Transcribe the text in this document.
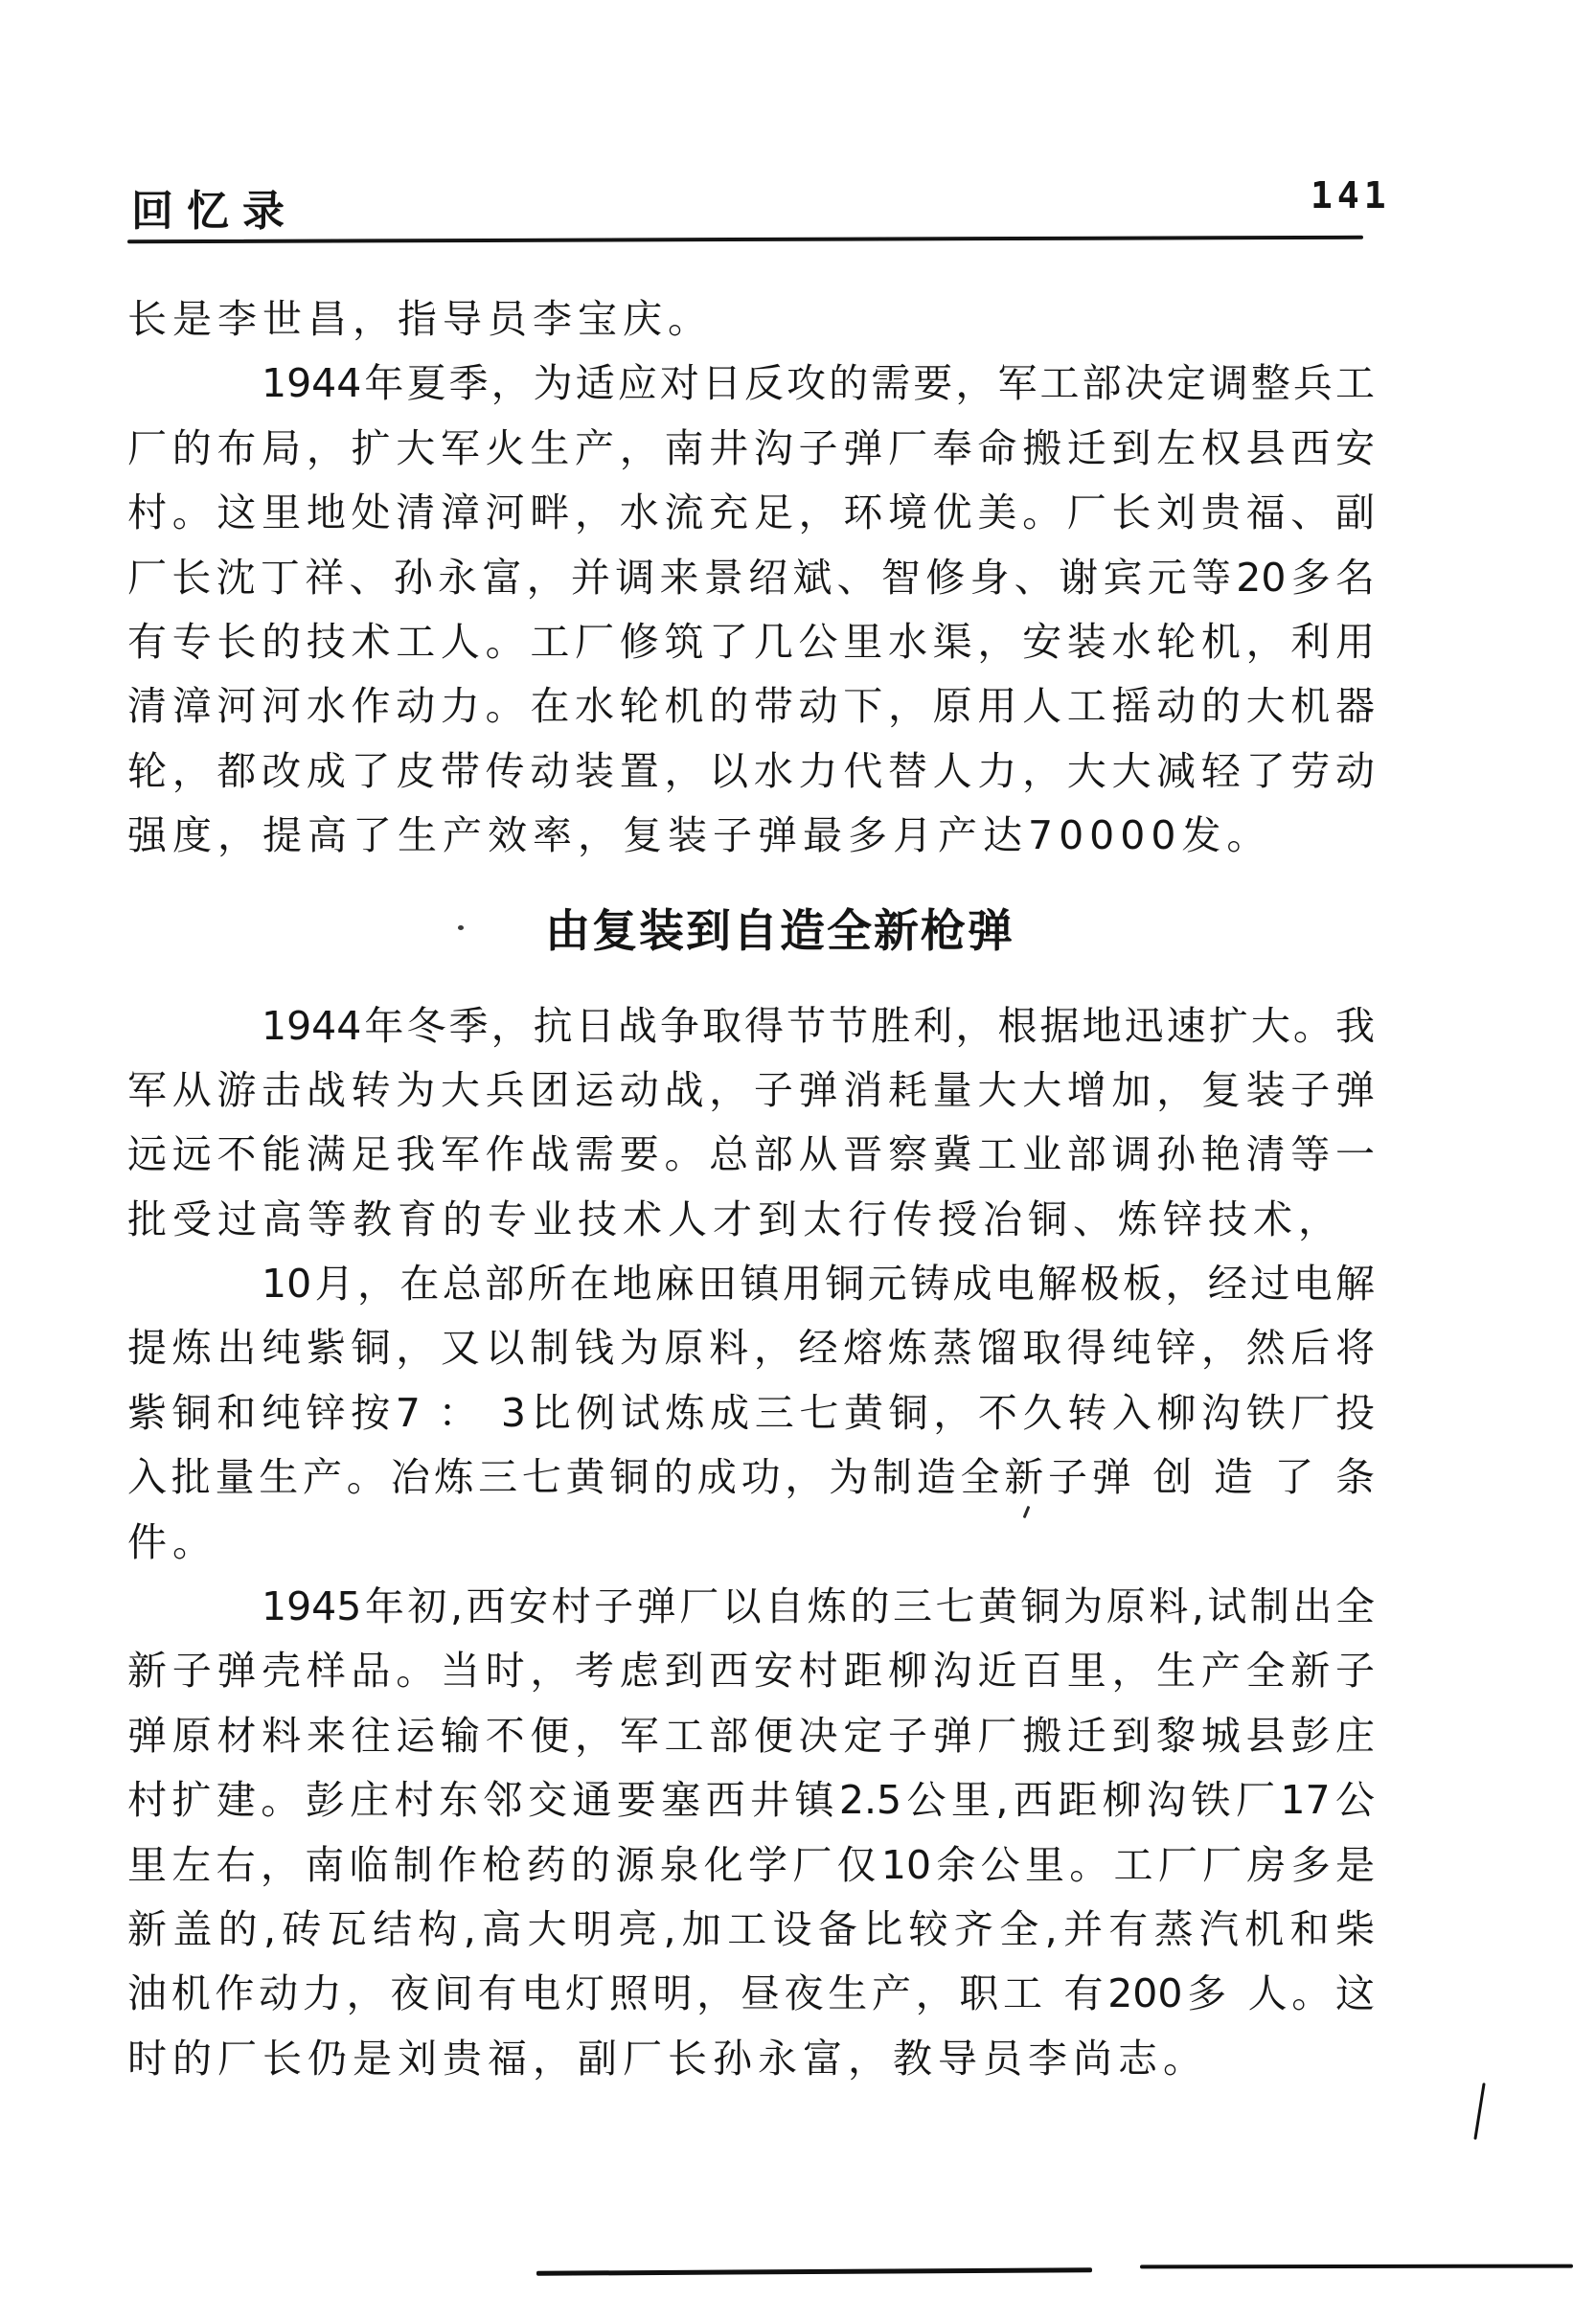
回忆录	141
长是李世昌，指导员李宝庆。
1944年夏季，为适应对日反攻的需要，军工部决定调整兵工
厂的布局，扩大军火生产，南井沟子弹厂奉命搬迁到左权县西安
村。这里地处清漳河畔，水流充足，环境优美。厂长刘贵福、副
厂长沈丁祥、孙永富，并调来景绍斌、智修身、谢宾元等20多名
有专长的技术工人。工厂修筑了几公里水渠，安装水轮机，利用
清漳河河水作动力。在水轮机的带动下，原用人工摇动的大机器
轮，都改成了皮带传动装置，以水力代替人力，大大减轻了劳动
强度，提高了生产效率，复装子弹最多月产达70000发。
由复装到自造全新枪弹
1944年冬季，抗日战争取得节节胜利，根据地迅速扩大。我
军从游击战转为大兵团运动战，子弹消耗量大大增加，复装子弹
远远不能满足我军作战需要。总部从晋察冀工业部调孙艳清等一
批受过高等教育的专业技术人才到太行传授冶铜、炼锌技术，
10月，在总部所在地麻田镇用铜元铸成电解极板，经过电解
提炼出纯紫铜，又以制钱为原料，经熔炼蒸馏取得纯锌，然后将
紫铜和纯锌按7 ： 3比例试炼成三七黄铜，不久转入柳沟铁厂投
入批量生产。冶炼三七黄铜的成功，为制造全新子弹 创 造 了 条
件。
1945年初,西安村子弹厂以自炼的三七黄铜为原料,试制出全
新子弹壳样品。当时，考虑到西安村距柳沟近百里，生产全新子
弹原材料来往运输不便，军工部便决定子弹厂搬迁到黎城县彭庄
村扩建。彭庄村东邻交通要塞西井镇2.5公里,西距柳沟铁厂17公
里左右，南临制作枪药的源泉化学厂仅10余公里。工厂厂房多是
新盖的,砖瓦结构,高大明亮,加工设备比较齐全,并有蒸汽机和柴
油机作动力，夜间有电灯照明，昼夜生产，职工 有200多 人。这
时的厂长仍是刘贵福，副厂长孙永富，教导员李尚志。
